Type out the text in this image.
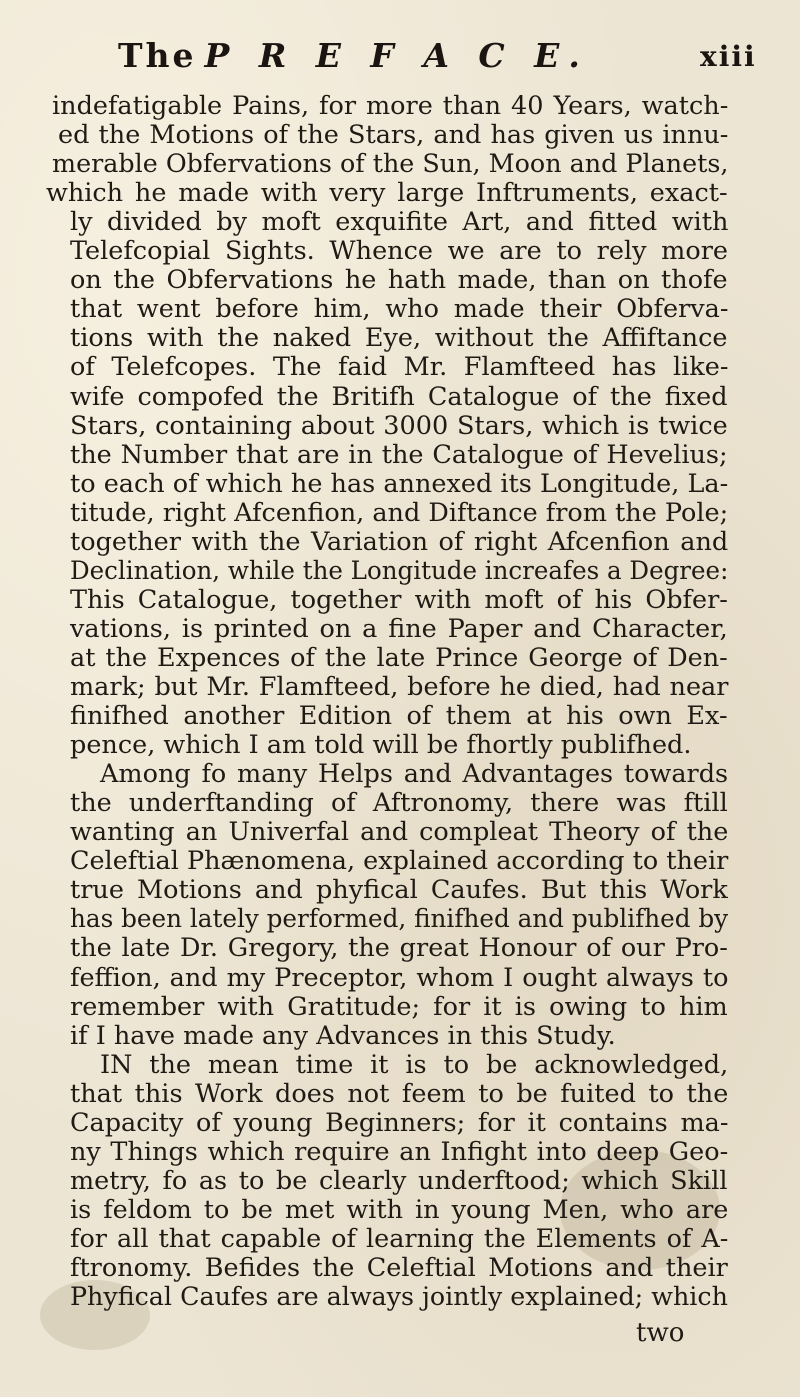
The P R E F A C E.	xiii
indefatigable Pains, for more than 40 Years, watch-
ed the Motions of the Stars, and has given us innu-
merable Obfervations of the Sun, Moon and Planets,
which he made with very large Inftruments, exact-
ly divided by moft exquifite Art, and fitted with
Telefcopial Sights. Whence we are to rely more
on the Obfervations he hath made, than on thofe
that went before him, who made their Obferva-
tions with the naked Eye, without the Affiftance
of Telefcopes. The faid Mr. Flamfteed has like-
wife compofed the Britifh Catalogue of the fixed
Stars, containing about 3000 Stars, which is twice
the Number that are in the Catalogue of Hevelius;
to each of which he has annexed its Longitude, La-
titude, right Afcenfion, and Diftance from the Pole;
together with the Variation of right Afcenfion and
Declination, while the Longitude increafes a Degree:
This Catalogue, together with moft of his Obfer-
vations, is printed on a fine Paper and Character,
at the Expences of the late Prince George of Den-
mark; but Mr. Flamfteed, before he died, had near
finifhed another Edition of them at his own Ex-
pence, which I am told will be fhortly publifhed.
Among fo many Helps and Advantages towards
the underftanding of Aftronomy, there was ftill
wanting an Univerfal and compleat Theory of the
Celeftial Phænomena, explained according to their
true Motions and phyfical Caufes. But this Work
has been lately performed, finifhed and publifhed by
the late Dr. Gregory, the great Honour of our Pro-
feffion, and my Preceptor, whom I ought always to
remember with Gratitude; for it is owing to him
if I have made any Advances in this Study.
IN the mean time it is to be acknowledged,
that this Work does not feem to be fuited to the
Capacity of young Beginners; for it contains ma-
ny Things which require an Infight into deep Geo-
metry, fo as to be clearly underftood; which Skill
is feldom to be met with in young Men, who are
for all that capable of learning the Elements of A-
ftronomy. Befides the Celeftial Motions and their
Phyfical Caufes are always jointly explained; which
two
